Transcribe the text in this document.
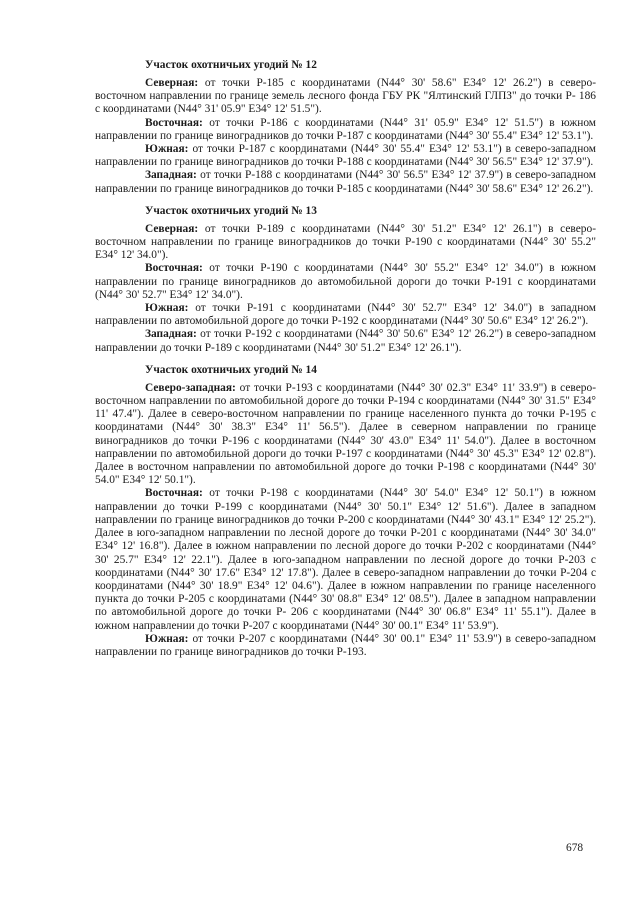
Участок охотничьих угодий № 12

Северная: от точки Р-185 с координатами (N44° 30' 58.6" E34° 12' 26.2") в северо-восточном направлении по границе земель лесного фонда ГБУ РК "Ялтинский ГЛПЗ" до точки Р- 186 с координатами (N44° 31' 05.9" E34° 12' 51.5").

Восточная: от точки Р-186 с координатами (N44° 31' 05.9" E34° 12' 51.5") в южном направлении по границе виноградников до точки Р-187 с координатами (N44° 30' 55.4" E34° 12' 53.1").

Южная: от точки Р-187 с координатами (N44° 30' 55.4" E34° 12' 53.1") в северо-западном направлении по границе виноградников до точки Р-188 с координатами (N44° 30' 56.5" E34° 12' 37.9").

Западная: от точки Р-188 с координатами (N44° 30' 56.5" E34° 12' 37.9") в северо-западном направлении по границе виноградников до точки Р-185 с координатами (N44° 30' 58.6" E34° 12' 26.2").

Участок охотничьих угодий № 13

Северная: от точки Р-189 с координатами (N44° 30' 51.2" E34° 12' 26.1") в северо-восточном направлении по границе виноградников до точки Р-190 с координатами (N44° 30' 55.2" E34° 12' 34.0").

Восточная: от точки Р-190 с координатами (N44° 30' 55.2" E34° 12' 34.0") в южном направлении по границе виноградников до автомобильной дороги до точки Р-191 с координатами (N44° 30' 52.7" E34° 12' 34.0").

Южная: от точки Р-191 с координатами (N44° 30' 52.7" E34° 12' 34.0") в западном направлении по автомобильной дороге до точки Р-192 с координатами (N44° 30' 50.6" E34° 12' 26.2").

Западная: от точки Р-192 с координатами (N44° 30' 50.6" E34° 12' 26.2") в северо-западном направлении до точки Р-189 с координатами (N44° 30' 51.2" E34° 12' 26.1").

Участок охотничьих угодий № 14

Северо-западная: от точки Р-193 с координатами (N44° 30' 02.3" E34° 11' 33.9") в северо-восточном направлении по автомобильной дороге до точки Р-194 с координатами (N44° 30' 31.5" E34° 11' 47.4"). Далее в северо-восточном направлении по границе населенного пункта до точки Р-195 с координатами (N44° 30' 38.3" E34° 11' 56.5"). Далее в северном направлении по границе виноградников до точки Р-196 с координатами (N44° 30' 43.0" E34° 11' 54.0"). Далее в восточном направлении по автомобильной дороги до точки Р-197 с координатами (N44° 30' 45.3" E34° 12' 02.8"). Далее в восточном направлении по автомобильной дороге до точки Р-198 с координатами (N44° 30' 54.0" E34° 12' 50.1").

Восточная: от точки Р-198 с координатами (N44° 30' 54.0" E34° 12' 50.1") в южном направлении до точки Р-199 с координатами (N44° 30' 50.1" E34° 12' 51.6"). Далее в западном направлении по границе виноградников до точки Р-200 с координатами (N44° 30' 43.1" E34° 12' 25.2"). Далее в юго-западном направлении по лесной дороге до точки Р-201 с координатами (N44° 30' 34.0" E34° 12' 16.8"). Далее в южном направлении по лесной дороге до точки Р-202 с координатами (N44° 30' 25.7" E34° 12' 22.1"). Далее в юго-западном направлении по лесной дороге до точки Р-203 с координатами (N44° 30' 17.6" E34° 12' 17.8"). Далее в северо-западном направлении до точки Р-204 с координатами (N44° 30' 18.9" E34° 12' 04.6"). Далее в южном направлении по границе населенного пункта до точки Р-205 с координатами (N44° 30' 08.8" E34° 12' 08.5"). Далее в западном направлении по автомобильной дороге до точки Р- 206 с координатами (N44° 30' 06.8" E34° 11' 55.1"). Далее в южном направлении до точки Р-207 с координатами (N44° 30' 00.1" E34° 11' 53.9").

Южная: от точки Р-207 с координатами (N44° 30' 00.1" E34° 11' 53.9") в северо-западном направлении по границе виноградников до точки Р-193.

678
